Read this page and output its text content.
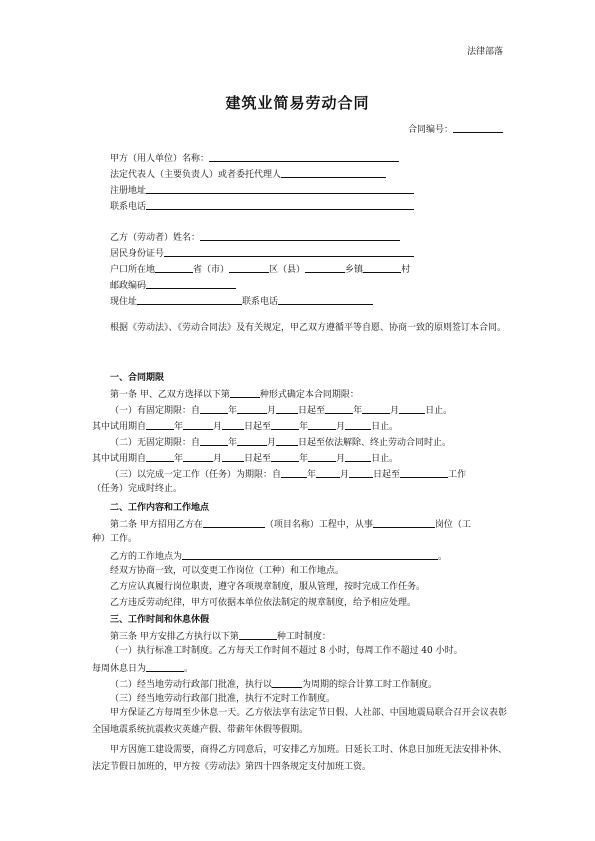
法律部落
建筑业简易劳动合同
合同编号：
甲方（用人单位）名称：
法定代表人（主要负责人）或者委托代理人
注册地址
联系电话
乙方（劳动者）姓名：
居民身份证号
户口所在地	省（市）	区（县）	乡镇	村
邮政编码
现住址	联系电话
根据《劳动法》、《劳动合同法》及有关规定，甲乙双方遵循平等自愿、协商一致的原则签订本合同。
一、合同期限
第一条 甲、乙双方选择以下第	种形式确定本合同期限：
（一）有固定期限：自	年	月 日起至	年	月	日止。
其中试用期自	年	月 日起至	年	月	日止。
（二）无固定期限：自	年	月 日起至依法解除、终止劳动合同时止。
其中试用期自	年	月 日起至	年	月	日止。
（三）以完成一定工作（任务）为期限：自	年	月	日起至	工作
（任务）完成时终止。
二、工作内容和工作地点
第二条 甲方招用乙方在	（项目名称）工程中，从事	岗位（工
种）工作。
乙方的工作地点为	。
经双方协商一致，可以变更工作岗位（工种）和工作地点。
乙方应认真履行岗位职责，遵守各项规章制度，服从管理，按时完成工作任务。
乙方违反劳动纪律，甲方可依据本单位依法制定的规章制度，给予相应处理。
三、工作时间和休息休假
第三条 甲方安排乙方执行以下第	种工时制度：
（一）执行标准工时制度。乙方每天工作时间不超过 8 小时，每周工作不超过 40 小时。
每周休息日为	。
（二）经当地劳动行政部门批准，执行以	为周期的综合计算工时工作制度。
（三）经当地劳动行政部门批准，执行不定时工作制度。
甲方保证乙方每周至少休息一天。乙方依法享有法定节日假、人社部、中国地震局联合召开会议表彰全国地震系统抗震救灾英雄产假、带薪年休假等假期。
甲方因施工建设需要，商得乙方同意后，可安排乙方加班。日延长工时、休息日加班无法安排补休、法定节假日加班的，甲方按《劳动法》第四十四条规定支付加班工资。
